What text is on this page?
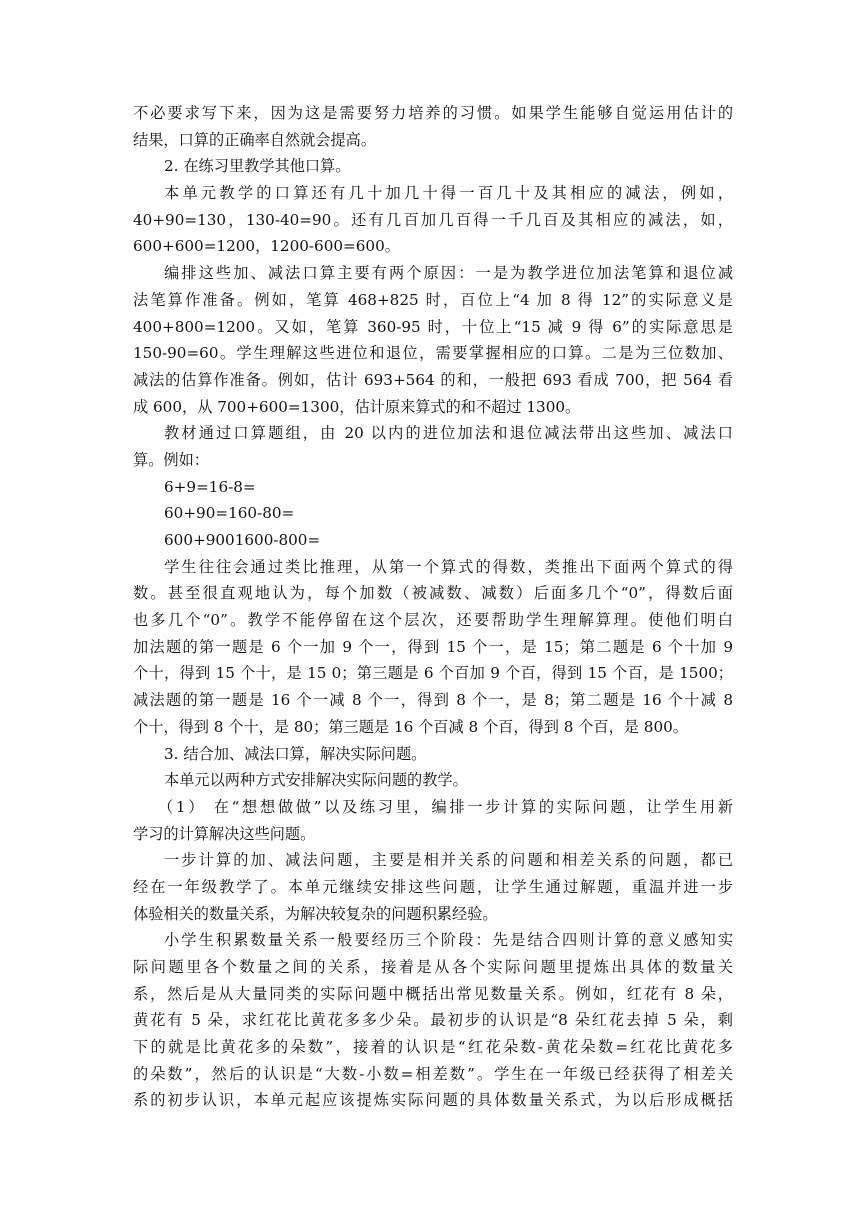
不必要求写下来，因为这是需要努力培养的习惯。如果学生能够自觉运用估计的
结果，口算的正确率自然就会提高。
2. 在练习里教学其他口算。
本单元教学的口算还有几十加几十得一百几十及其相应的减法，例如，
40+90=130，130-40=90。还有几百加几百得一千几百及其相应的减法，如，
600+600=1200，1200-600=600。
编排这些加、减法口算主要有两个原因：一是为教学进位加法笔算和退位减
法笔算作准备。例如，笔算 468+825 时，百位上“4 加 8 得 12”的实际意义是
400+800=1200。又如，笔算 360-95 时，十位上“15 减 9 得 6”的实际意思是
150-90=60。学生理解这些进位和退位，需要掌握相应的口算。二是为三位数加、
减法的估算作准备。例如，估计 693+564 的和，一般把 693 看成 700，把 564 看
成 600，从 700+600=1300，估计原来算式的和不超过 1300。
教材通过口算题组，由 20 以内的进位加法和退位减法带出这些加、减法口
算。例如：
6+9=16-8=
60+90=160-80=
600+9001600-800=
学生往往会通过类比推理，从第一个算式的得数，类推出下面两个算式的得
数。甚至很直观地认为，每个加数（被减数、减数）后面多几个“0”，得数后面
也多几个“0”。教学不能停留在这个层次，还要帮助学生理解算理。使他们明白
加法题的第一题是 6 个一加 9 个一，得到 15 个一，是 15；第二题是 6 个十加 9
个十，得到 15 个十，是 15 0；第三题是 6 个百加 9 个百，得到 15 个百，是 1500；
减法题的第一题是 16 个一减 8 个一，得到 8 个一，是 8；第二题是 16 个十减 8
个十，得到 8 个十，是 80；第三题是 16 个百减 8 个百，得到 8 个百，是 800。
3. 结合加、减法口算，解决实际问题。
本单元以两种方式安排解决实际问题的教学。
（1） 在“想想做做”以及练习里，编排一步计算的实际问题，让学生用新
学习的计算解决这些问题。
一步计算的加、减法问题，主要是相并关系的问题和相差关系的问题，都已
经在一年级教学了。本单元继续安排这些问题，让学生通过解题，重温并进一步
体验相关的数量关系，为解决较复杂的问题积累经验。
小学生积累数量关系一般要经历三个阶段：先是结合四则计算的意义感知实
际问题里各个数量之间的关系，接着是从各个实际问题里提炼出具体的数量关
系，然后是从大量同类的实际问题中概括出常见数量关系。例如，红花有 8 朵，
黄花有 5 朵，求红花比黄花多多少朵。最初步的认识是“8 朵红花去掉 5 朵，剩
下的就是比黄花多的朵数”，接着的认识是“红花朵数-黄花朵数=红花比黄花多
的朵数”，然后的认识是“大数-小数=相差数”。学生在一年级已经获得了相差关
系的初步认识，本单元起应该提炼实际问题的具体数量关系式，为以后形成概括
